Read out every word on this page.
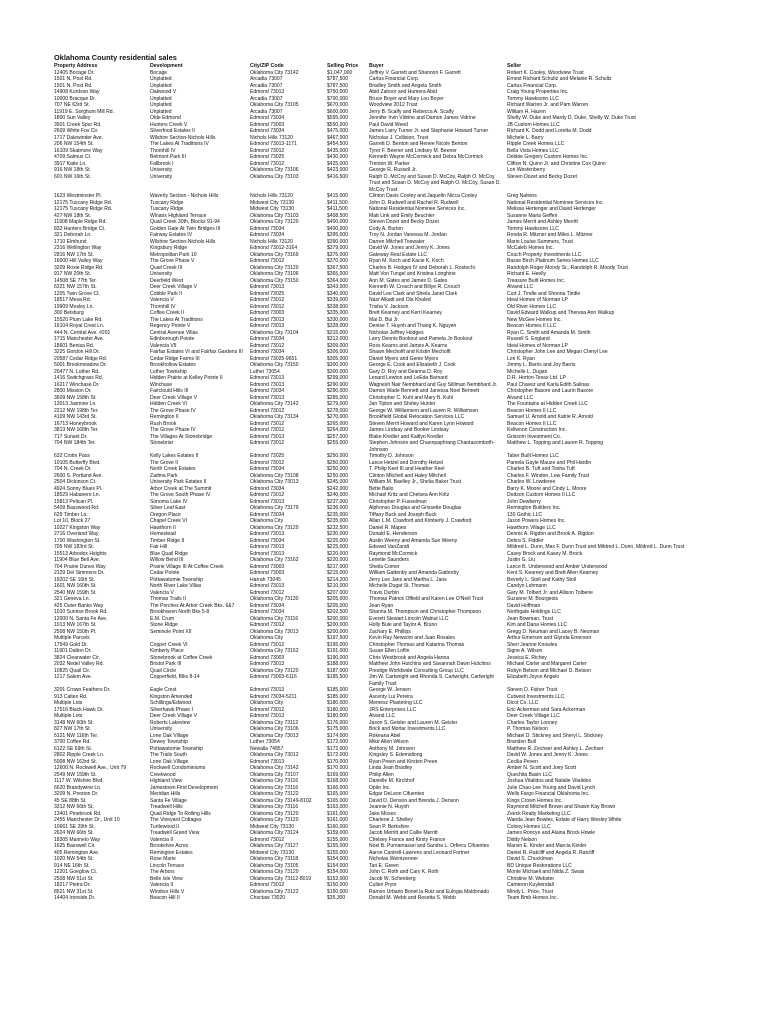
Oklahoma County residential sales
Property Address	Development	City/ZIP Code	Selling Price	Buyer	Seller
12405 Bocage Dr.	Bocage	Oklahoma City 73142	$1,047,000	Jeffrey V. Garrett and Shannon F. Garrett	Robert K. Cooley, Woodview Trust
1501 N. Post Rd.	Unplatted	Arcadia 73007	$787,500	Cartus Financial Corp.	Ernest Richard Schultz and Melanie R. Schultz
1501 N. Post Rd.	Unplatted	Arcadia 73007	$787,500	Bradley Smith and Angela Smith	Cartus Financial Corp.
14908 Kurdson Way	Oakwood V	Edmond 73013	$750,000	Abid Zahoor and Humera Abid	Craig Young Properties Inc.
10000 Bracque Dr.	Unplatted	Arcadia 73007	$700,000	Bruce Boyer and Mary Lou Boyer	Tommy Hawksonn LLC
707 NE 63rd St.	Unplatted	Oklahoma City 73105	$670,000	Woodview 2012 Trust	Richard Warren Jr. and Pam Warren
11919 E. Sorghum Mill Rd.	Unplatted	Arcadia 73007	$600,000	Jerry B. Scalfy and Rebecca A. Scalfy	William H. Hazen
1800 Sun Valley	Olde Edmond	Edmond 73034	$595,000	Jennifer Irvin Vidrine and Damon James Vidrine	Shelly W. Duke and Mardy D. Duke, Shelly W. Duke Trust
3501 Creek Spur Rd.	Hunters Creek V	Edmond 73003	$550,000	Paul David Weed	JB Custom Homes LLC
2609 White Fox Cir.	Silverfood Estates II	Edmond 73034	$475,000	James Larry Turner Jr. and Stephanie Howard Turner	Richard K. Dodd and Loretta M. Dodd
1717 Dalewinder Ave.	Wilshire Section-Nichols Hills	Nichols Hills 73120	$467,000	Nicholas J. Collision, Trust	Michele L. Barry
206 NW 154th St.	The Lakes At Traditions IV	Edmond 73013-1171	$454,500	Garrett D. Benton and Renee Nicole Benton	Ripple Creek Homes LLC
16109 Skatmore Way	Thornhill IV	Edmond 73012	$435,000	Tyrer F. Beener and Lindsey M. Beener	Bella Vista Homes LLC
4709 Salmus Ct.	Belmont Park III	Edmond 73025	$430,000	Kenneth Wayne McCormick and Debra McCormick	Debbie Gregory Custom Homes Inc.
3917 Katie Ln.	Fallbrook I	Edmond 73012	$425,000	Trenton W. Parker	Clifton N. Quinn Jr. and Christine Cox Quinn
916 NW 18th St.	University	Oklahoma City 73106	$423,000	George R. Russell Jr.	Lori Westenberry
601 NW 16th St.	University	Oklahoma City 73103	$416,500	Ralph O. McCoy and Susan D. McCoy, Ralph O. McCoy Trust and Susan D. McCoy and Ralph O. McCoy, Susan D. McCoy Trust	Steven Dozet and Becky Dozet
1623 Westminster Pl.	Waverly Section - Nichols Hills	Nichols Hills 73120	$415,000	Clinton Davis Cooley and Jaquelin Nicca Cooley	Greg Nations
12175 Tuscany Ridge Rd.	Tuscany Ridge	Midwest City 73130	$411,500	John D. Rudwell and Rachel R. Rudwell	National Residential Nominee Services Inc.
12175 Tuscany Ridge Rd.	Tuscany Ridge	Midwest City 73130	$411,500	National Residential Nominee Services Inc.	Melissa Hertenger and David Hertenger
427 NW 18th St.	Winans Highland Terrace	Oklahoma City 73103	$408,500	Matt Link and Emily Beuchler	Susanne Maria Gefferi
11908 Maple Ridge Rd.	Quail Creek 30th, Blocks 91-94	Oklahoma City 73120	$400,000	Steven Dozet and Becky Dozet	James Merrit and Ashley Merritt
832 Hunters Bridge Ct.	Golden Gate At Twin Bridges III	Edmond 73034	$400,000	Cody A. Burton	Tommy Hawksonn LLC
321 Deborah Ln.	Fairway Estates IV	Edmond 73034	$395,000	Troy N. Jordan Vanessa M. Jordan	Ronda R. Mitzner and Miles L. Mitzner
1710 Elmhurst	Wilshire Section-Nichols Hills	Nichols Hills 73120	$390,000	Darren Mitchell Toewater	Marie Louise Summers, Trust
2316 Wellington Way	Kingsbury Ridge	Edmond 73012-3164	$379,000	David W. Jones and Jenny K. Jones	McCaleb Homes Inc.
2816 NW 17th St.	Metropolitan Park 10	Oklahoma City 73169	$375,000	Gateway Real Estate LLC	Couch Property Investments LLC
16000 Hill Valley Way	The Grove Phase V	Edmond 73012	$370,000	Ryan M. Koch and Kacie K. Koch	Basse Birch Platinum Series Homes LLC
3209 Roxie Ridge Rd.	Quail Creek III	Oklahoma City 73120	$367,500	Charles B. Hodges IV and Deborah L. Rostochi	Randolph Roger Moody Sr., Randolph R. Moody Trust
917 NW 20th St.	University	Oklahoma City 73106	$365,000	Matt Von Tungel and Kristina Longhine	Richard E. Heelly
14508 SE 77th Ter.	Deerfield West	Oklahoma City 73150	$364,000	Ann M. Gates and James D. Gates	Treasure Built Homes Inc.
6221 NW 157th St.	Deer Creek Village V	Edmond 73013	$343,000	Kenneth W. Crouch and Billye R. Crouch	Alvand LLC
1205 Twin Grove Ct.	Cobble Park II	Edmond 73025	$340,000	David Lee Clark and Sheila Janet Clark	Curt J. Tindle and Shonna Tindle
18517 Mesa Rd.	Valencia V	Edmond 73012	$339,000	Nasr Alkadi and Ola Khaled	Ideal Homes of Norman LP
19909 Mosley Ln.	Thornhill IV	Edmond 73012	$338,000	Trisha V. Jackson	Old River Homes LLC
300 Belsburg	Coffee Creek II	Edmond 73003	$335,000	Brett Kearney and Kerri Kearney	David Edward Walkup and Theresa Ann Walkup
15520 Plum Lake Rd.	The Lakes At Traditions	Edmond 73013	$330,000	Mai D. Bui Jr.	New McGee Homes Inc.
16104 Royal Crest Ln.	Regency Pointe V	Edmond 73013	$328,000	Denise T. Huynh and Thang K. Nguyen	Beacon Homes II LLC
444 N. Central Ave. #201	Central Avenue Villas	Oklahoma City 73104	$315,000	Nicholas Jeffrey Hodges	Ryan C. Smith and Amanda M. Smith
1715 Manchester Ave.	Edinborough Pointe	Edmond 73034	$312,000	Larry Dennis Bookout and Pamela Jo Bookout	Russell S. England
18601 Benisa Rd.	Valencia VII	Edmond 73012	$309,000	Ross Kearns and James A. Kearns	Ideal Homes of Norman LP
3225 Gordon Hill Dr.	Fairfax Estates VI and Fairfax Gardens III	Edmond 73034	$306,000	Shawn Mecholft and Kristin Mecholft	Christopher John Lee and Megan Cheryl Lee
20587 Cedar Ridge Rd.	Cedar Ridge Farms III	Edmond 73025-9651	$305,000	Daniel Myers and Genie Myers	Lori K. Ryan
5001 Brookmeadow Dr.	Brookhollow Estates	Oklahoma City 73150	$300,000	George E. Cook and Elizabeth J. Cook	Jimmy L. Barris and Joy Barris
20477 N. Luther Rd.	Luther Township	Luther 73054	$300,000	Gary D. Roy and Deanna D. Roy	Michelle L. Dugan
1416 Switchgrass Rd.	Hidden Prairie at Kelley Pointe II	Edmond 73013	$299,000	Lenard Lewton and LeEda Barnard	D.R. Horton-Texas Ltd. LP
16217 Winchase Dr.	Winchase	Edmond 73013	$290,000	Wagnesh Nair Nembhard and Guy Stillman Nembhard Jr.	Paul Chavez and Karla Edith Salinas
2800 Mission Dr.	Fairclould Hills III	Edmond 73034	$290,000	Damon Wade Bennett and Janessa Noel Bennett	Christopher Basore and Laurin Basore
3609 NW 158th St.	Deer Creek Village V	Edmond 73013	$285,000	Christopher C. Kuhl and Mary B. Kuhl	Alvand LLC
13013 Jasmine Ln.	Hidden Creek VI	Oklahoma City 73142	$279,000	Jan Tipton and Shirley Hunter	The Fountains at Hidden Creek LLC
2212 NW 198th Ter.	The Grove Phase IV	Edmond 73012	$278,000	George W. Williamson and Lauren R. Williamson	Beacon Homes II LLC
4109 NW 143rd St.	Remington II	Oklahoma City 73134	$270,000	Brookfield Global Relocation Services LLC	Samuel U. Arnold and Katrie R. Arnold
16713 Honeybrook	Rush Brook	Edmond 73012	$265,000	Steven Merrit Howard and Karen Lynn Howard	Beacon Homes II LLC
3813 NW 168th Ter.	The Grove Phase IV	Edmond 73012	$264,000	James Lindsay and Booker Lindsay	Kellwoon Construction Inc.
717 Sunset Dr.	The Villages At Stonebridge	Edmond 73013	$257,000	Blake Kredler and Kaitlyn Kredler	Grissom Investment Co.
704 NW 184th Ter.	Stonebriar	Edmond 73012	$255,000	Stephen Johnson and Channpaphrang Chantasomboth-Johnson	Matthew L. Topping and Lauren R. Topping
632 Crotin Pass	Kelly Lakes Estates II	Edmond 73025	$250,000	Timothy D. Johnson	Taber Built Homes LLC
10105 Butterfly Blvd.	The Grove II	Edmond 73012	$250,000	Lance Hetzel and Dorothy Hetzel	Pamela Gayle Mauze and Phil Hardin
704 N. Creek Dr.	North Creek Estates	Edmond 73034	$250,000	T. Philip Keel III and Heather Keel	Charles B. Tuft and Tosha Tuft
2600 S. Portland Ave.	Zadma Park	Oklahoma City 73108	$250,000	Clinton Mitchell and Haley Mitchell	Charles F. Windon, Lew Family Trust
2504 Dickinson Ct.	University Park Estates II	Oklahoma City 73013	$245,000	William M. Baelley Jr., Shelia Baker Trust	Charles W. Lowderee
4924 Sonny Blues Pl.	Arbor Creek at The Summit	Edmond 73034	$242,000	Bette Bailo	Barry K. Moore and Cindy L. Moore
18529 Habanero Ln.	The Grove South Phase IV	Edmond 73012	$240,000	Michael Kritz and Chelsea Ann Kritz	Dodson Custom Homes II LLC
15813 Pelican Pl.	Sonoma Lake IV	Edmond 73013	$237,000	Christopher P. Fusselman	John Dewberry
5409 Basswood Rd.	Silver Leaf East	Oklahoma City 73179	$236,000	Alphonso Douglas and Grissette Douglas	Remington Builders Inc.
629 Timber Ln.	Oregon Place	Edmond 73034	$235,000	Tiffany Buck and Joseph Buck	130 Gothic LLC
Lot 10, Block 27	Chapel Creek VI	Oklahoma City	$235,000	Allan L.M. Crawford and Kimberly J. Crawford	Jason Powers Homes Inc.
10227 Kingston Way	Hawthorn II	Oklahoma City 73120	$232,500	Daniel R. Mapes	Hawthorn Village LLC
2716 Overland Way	Homestead	Edmond 73013	$230,000	Donald E. Henderson	Dennis A. Rigdon and Brook A. Rigdon
1700 Washington St.	Timber Ridge II	Edmond 73034	$225,000	Austin Weeny and Amanda Sue Weeny	Debra S. Fiddler
705 NW 183rd St.	Fair Hill	Edmond 73013	$225,000	Edward VanZandt	Mildred L. Dunn, Max F. Dunn Trust and Mildred L. Dunn, Mildred L. Dunn Trust
15513 Arbodox Heights	Blue Quail Ridge	Edmond 73013	$220,000	Raymond McCormick	Casey Brock and Kasey M. Brock
11904 Blue Bell Ave.	Willow Bend III	Oklahoma City 73162	$220,000	Lenette Saunders	Justin G. Liu
704 Prairie Dunes Way	Prairie Village III At Coffee Creek	Edmond 73003	$217,000	Sheila Comer	Lance B. Underwood and Amber Underwood
2129 Del Simmons Dr.	Cedar Pointe	Edmond 73003	$215,000	William Gattenby and Amanda Gattenby	Kent S. Kearney and Brett Allen Kearney
19202 SE 16th St.	Pottawatomie Township	Harrah 73045	$214,200	Jerry Lee Jans and Martha L. Jans	Beverly L. Stoll and Kathy Stoll
1601 NW 160th St.	North River Lake Villas	Edmond 73013	$210,000	Michelle Dugat St. Thomas	Candyn Lohmann
2540 NW 159th St.	Valencia V	Edmond 73012	$207,000	Travis Durbin	Gary M. Tolbert Jr. and Allison Tolberie
321 Geneva Ln.	Thomas Trails II	Oklahoma City 73130	$205,000	Thomas Patrick Offield and Karen Lee O'Neill Trust	Suzanne M. Bourgeois
425 Outer Banks Way	The Porches At Arbor Creek Bks. 6&7	Edmond 73034	$205,000	Jean Ryan	David Hoffman
1010 Sunrise Brook Rd.	Brookhaven North Bks 5-8	Edmond 73034	$202,500	Shanna M. Thompson and Christopher Thompson	Northgate Holdings LLC
12000 N. Santa Fe Ave.	E.M. Crum	Oklahoma City 73116	$200,000	Everett Stewart Lincoln Walnut LLC	Jean Bowman, Trust
1013 NW 167th St.	Stone Ridge	Edmond 73012	$200,000	Holly Buie and Taylor A. Bruno	Kim and Dana Homes LLC
2508 NW 150th Pl.	Seminole Point XII	Oklahoma City 73013	$200,000	Zachary E. Phillips	Gregg D. Neuman and Lacey B. Neuman
Multiple Parcels		Oklahoma City	$197,500	Kevin Ray Newsom and Juan Rosales	Arthur Emerson and Glynda Emerson
17549 Gold Dr.	Copper Creek VI	Edmond 73012	$195,000	Christopher Thomas and Katarina Thomas	Sheri Jeanne Knowles
11901 Dalton Dr.	Kimberly Place	Oklahoma City 73162	$191,000	Susan Ellen Loflin	Signe A. Wilson
3824 Clearwater Cir.	Stonebrook at Coffee Creek	Edmond 73003	$190,000	Chris Westbrook and Angela Hanna	Jessica E. Richey
2032 Nedel Valley Rd.	Bristol Park III	Edmond 73013	$188,000	Matthew John Hutchins and Savannah Dawn Hutchins	Michael Carter and Margaret Carter
10825 Quail Cir.	Quail Circle	Oklahoma City 73120	$187,000	Prestige Worldwide Consulting Group LLC	Robyn Betson and Michael D. Betson
1217 Salem Ave.	Copperfield, Blks 8-14	Edmond 73003-6116	$185,500	Jim W. Cartwright and Rhonda S. Cartwright, Cartwright Family Trust	Elizabeth Joyce Angelo
3201 Crown Feathers Dr.	Eagle Crest	Edmond 73013	$185,000	George W. Jensen	Steven D. Fisher Trust
913 Caltex Rd.	Kingston Amended	Edmond 73034-5211	$185,000	Ascenty Lui Pereira	Cutwest Investments LLC
Multiple Lots	Schillings/Edwood	Oklahoma City	$180,000	Memesz Plastering LLC	Dicot Co. LLC
17516 Black Hawk Dr.	Silverhawk Phase I	Edmond 73012	$180,000	JRS Enterprises LLC	Eric Ackerman and Sara Ackerman
Multiple Lots	Deer Creek Village V	Edmond 73013	$180,000	Alvand LLC	Deer Creek Village LLC
3148 NW 60th St.	Roberts Lakeview	Oklahoma City 73112	$176,000	Jason S. Geisler and Lauren M. Geisler	Charles Taylor Looney
827 NW 17th St.	University	Oklahoma City 73106	$175,000	Brick and Mortar Investments LLC	P. Thomas Nelson
5121 NW 116th Ter.	Lone Oak Village	Oklahoma City 73013	$174,000	Rokeana Abel	Michael D. Stickney and Sheryl L. Stickney
3700 Coffee Rd.	Dewey Township	Luther 73054	$172,000	Mike Allen Wilson	Brandon Bull
6122 SE 69th St.	Pottawatomie Township	Newalla 74857	$172,000	Anthony M. Johnson	Matthew R. Zechser and Ashley L. Zechser
2802 Ripple Creek Ln.	The Trails South	Oklahoma City 73012	$172,000	Kingsley S. Edemidiong	David W. Jones and Jenny K. Jones
5008 NW 163rd St.	Lone Oak Village	Edmond 73013	$170,000	Ryan Preen and Kirsten Preen	Cecilia Peven
12600 N. Rockwell Ave., Unit 79	Rockwell Condominiums	Oklahoma City 73142	$170,000	Linda Jean Bradley	Amber N. Scott and Joey Scott
2549 NW 159th St.	Creekwood	Oklahoma City 73107	$169,000	Philip Allen	Quechita Basin LLC
1117 W. Wilshire Blvd.	Highland View	Oklahoma City 73116	$168,000	Danielle M. Kirchhof	Joshua Vitalidos and Natalie Vitalidos
6620 Brandywine Ln.	Jamestown First Development	Oklahoma City 73116	$166,000	Opito Inc.	Julie Chao-Lee Young and David Lynch
3209 N. Preston Dr.	Meridian Hills	Oklahoma City 73122	$165,000	Edgar DeLeon Cifuentes	Wells Fargo Financial Oklahoma Inc.
45 SE 88th St.	Santa Fe Village	Oklahoma City 73149-8102	$165,000	David D. Denson and Brenda J. Denson	Kings Crown Homes Inc.
3312 NW 66th St.	Treadwell Hills	Oklahoma City 73116	$163,000	Jeannie N. Huynh	Raymond Mitchell Brown and Shawn Kay Brown
13401 Pinebrook Rd.	Quail Ridge To Rolling Hills	Oklahoma City 73120	$161,000	Jake Moses	Zeeck Realty Marketing LLC
2455 Manchester Dr., Unit 10	The Vineyard Cottages	Oklahoma City 73120	$161,000	Charlene J. Shelley	Wanda Jean Bowles, Estate of Harry Wesley White
10661 SE 29th St.	Turtlewood II	Midwest City 73130	$160,000	Sean P. Berkshire	Colony Homes LLC
2624 NW 66th St.	Treadwell Grand View	Oklahoma City 73124	$159,000	Jacob Merritt and Callie Merritt	James Roncye and Alaina Brock Howle
18305 Marinelo Way	Valencia II	Edmond 73012	$155,000	Chelsey France and Kirsty France	Diddy Nelson
1625 Basswell Cir.	Brookshire Acres	Oklahoma City 73127	$155,000	Noel B. Purnamasari and Sandra L. Orfiecu Cifuentes	Marvin E. Kinder and Marcia Kinder
405 Remington Ave.	Remington Estates	Midwest City 73130	$155,000	Aaron Cantrell-Lawrens and Leonard Fortner	Daniel R. Ratcliff and Angela R. Ratcliff
1020 NW 54th St.	Rose Marie	Oklahoma City 73118	$154,000	Nicholas Weintzenner	David S. Chucklman
914 NE 16th St.	Lincoln Terrace	Oklahoma City 73105	$154,000	Tari E. Green	BD Unique Restorations LLC
12201 Goeglow Ct.	The Arbors	Oklahoma City 73120	$154,000	John C. Roth and Cary K. Roth	Monte Michaeli and Nilda Z. Swais
2508 NW 51st St.	Belle Isle View	Oklahoma City 73112-8019	$152,000	Jacob W. Schenberg	Christine M. Webster
18217 Pietra Dr.	Valencia II	Edmond 73012	$150,000	Cullen Pryor	Cameron Kuykendall
8521 NW 31st St.	Windsor Hills V	Oklahoma City 73122	$150,000	Ramon Urbano Bonet la Ruiz and Eulogia Maldonado	Mindy L. Price, Trust
14404 Ironside Dr.	Beacon Hill II	Choctaw 73020	$35,300	Donald M. Webb and Rosetta S. Webb	Team Bmb Homes Inc.
